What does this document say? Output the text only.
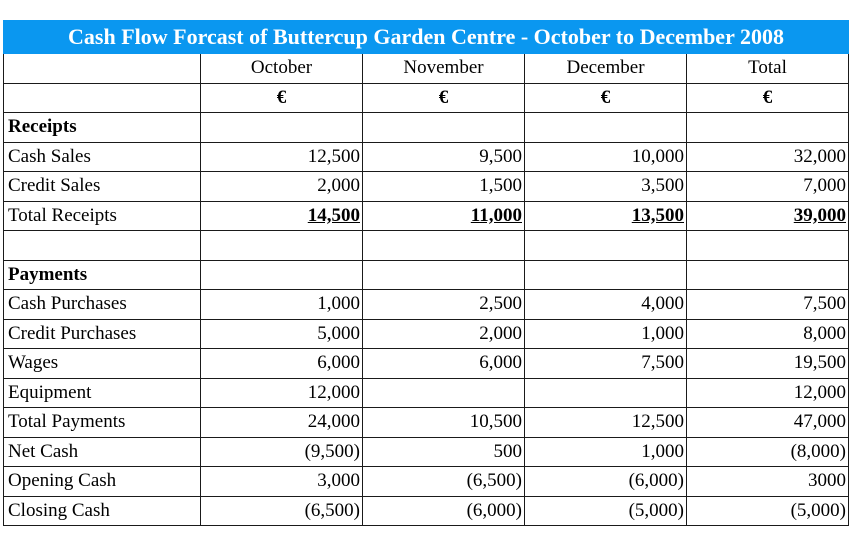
Cash Flow Forcast of Buttercup Garden Centre - October to December 2008				
	October	November	December	Total
	€	€	€	€
Receipts				
Cash Sales	12,500	9,500	10,000	32,000
Credit Sales	2,000	1,500	3,500	7,000
Total Receipts	14,500	11,000	13,500	39,000

Payments				
Cash Purchases	1,000	2,500	4,000	7,500
Credit Purchases	5,000	2,000	1,000	8,000
Wages	6,000	6,000	7,500	19,500
Equipment	12,000			12,000
Total Payments	24,000	10,500	12,500	47,000
Net Cash	(9,500)	500	1,000	(8,000)
Opening Cash	3,000	(6,500)	(6,000)	3000
Closing Cash	(6,500)	(6,000)	(5,000)	(5,000)
